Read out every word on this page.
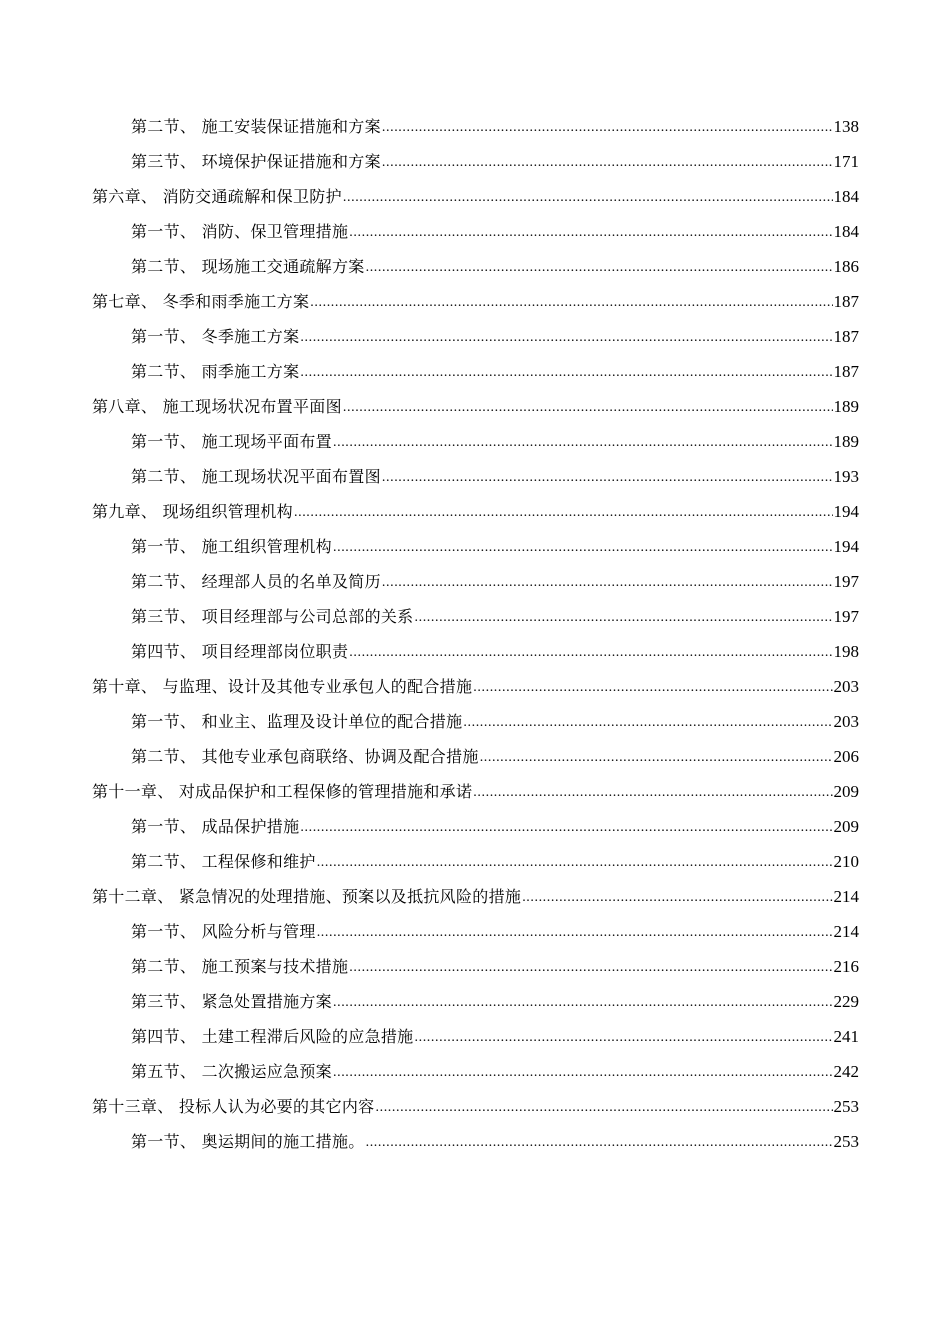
第二节、 施工安装保证措施和方案 .....	138
第三节、 环境保护保证措施和方案 .....	171
第六章、 消防交通疏解和保卫防护 .....	184
第一节、 消防、保卫管理措施 .....	184
第二节、 现场施工交通疏解方案 .....	186
第七章、 冬季和雨季施工方案 .....	187
第一节、 冬季施工方案 .....	187
第二节、 雨季施工方案 .....	187
第八章、 施工现场状况布置平面图 .....	189
第一节、 施工现场平面布置 .....	189
第二节、 施工现场状况平面布置图 .....	193
第九章、 现场组织管理机构 .....	194
第一节、 施工组织管理机构 .....	194
第二节、 经理部人员的名单及简历 .....	197
第三节、 项目经理部与公司总部的关系 .....	197
第四节、 项目经理部岗位职责 .....	198
第十章、 与监理、设计及其他专业承包人的配合措施 .....	203
第一节、 和业主、监理及设计单位的配合措施 .....	203
第二节、 其他专业承包商联络、协调及配合措施 .....	206
第十一章、 对成品保护和工程保修的管理措施和承诺 .....	209
第一节、 成品保护措施 .....	209
第二节、 工程保修和维护 .....	210
第十二章、 紧急情况的处理措施、预案以及抵抗风险的措施 .....	214
第一节、 风险分析与管理 .....	214
第二节、 施工预案与技术措施 .....	216
第三节、 紧急处置措施方案 .....	229
第四节、 土建工程滞后风险的应急措施 .....	241
第五节、 二次搬运应急预案 .....	242
第十三章、 投标人认为必要的其它内容 .....	253
第一节、 奥运期间的施工措施。 .....	253
